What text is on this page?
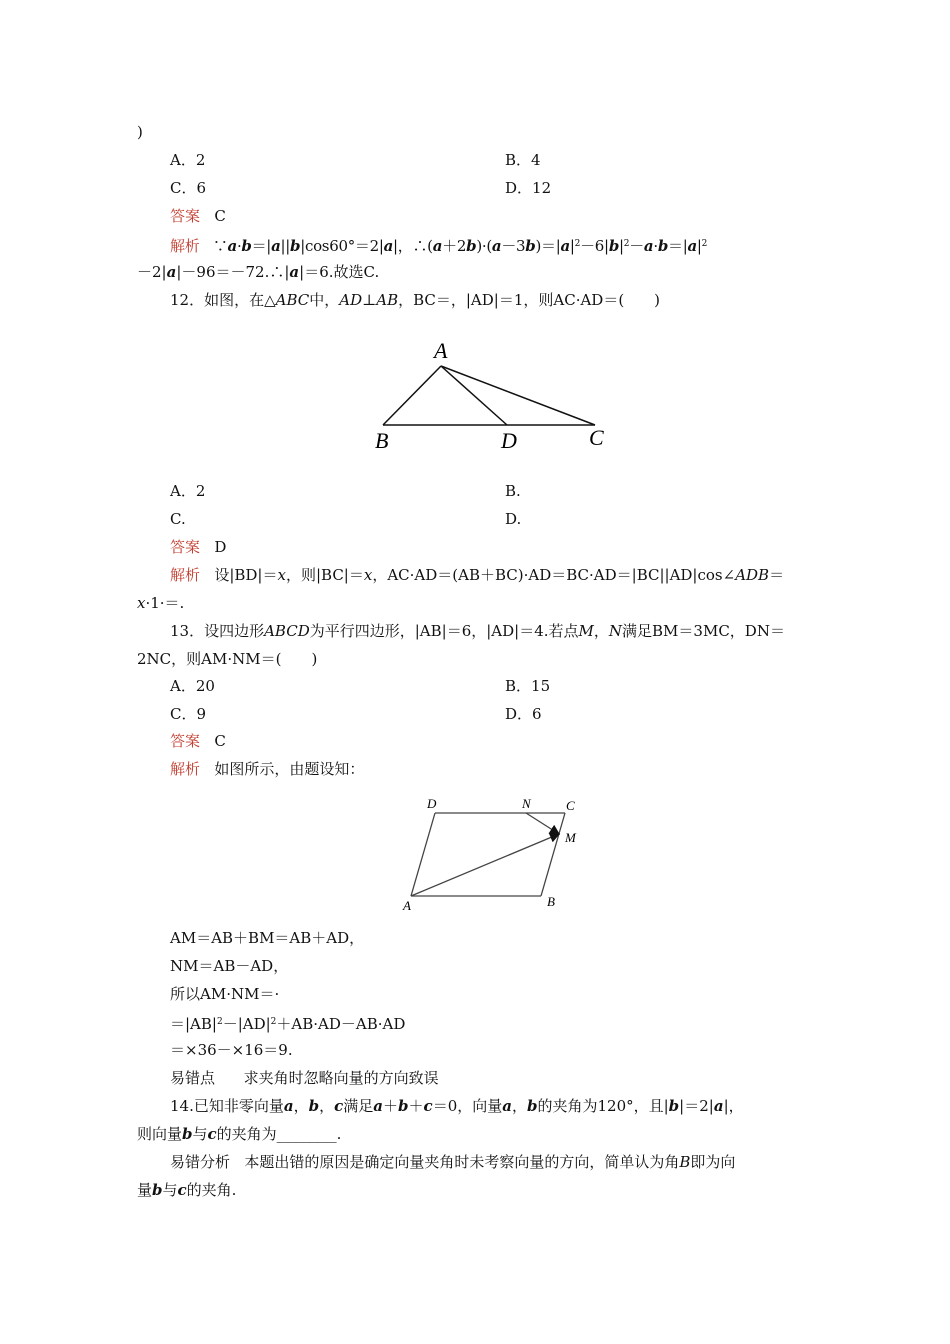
)
A．2	B．4
C．6	D．12
答案 C
解析 ∵a·b＝|a||b|cos60°＝2|a|，$\therefore(a+2b)\cdot(a-3b)=|a|^2-6|b|^2-a\cdot b=|a|^2$
－2|a|－96＝－72.∴|a|＝6.故选C.
12．如图，在△ABC中，AD⊥AB，BC＝，|AD|＝1，则AC·AD＝(　　)
A
B	D	C
A．2	B.
C.	D.
答案 D
解析 设|BD|＝x，则|BC|＝x，AC·AD＝(AB＋BC)·AD＝BC·AD＝|BC||AD|cos∠ADB＝
x·1·＝.
13．设四边形ABCD为平行四边形，|AB|＝6，|AD|＝4.若点M，N满足BM＝3MC，DN＝
2NC，则AM·NM＝(　　)
A．20	B．15
C．9	D．6
答案 C
解析 如图所示，由题设知：
D	N	C
M
A	B
AM＝AB＋BM＝AB＋AD，
NM＝AB－AD，
所以AM·NM＝·
$=|AB|^2-|AD|^2+AB\cdot AD-AB\cdot AD$
＝×36－×16＝9.
易错点 求夹角时忽略向量的方向致误
14.已知非零向量a，b，c满足a＋b＋c＝0，向量a，b的夹角为120°，且|b|＝2|a|，
则向量b与c的夹角为________.
易错分析 本题出错的原因是确定向量夹角时未考察向量的方向，简单认为角B即为向
量b与c的夹角.
